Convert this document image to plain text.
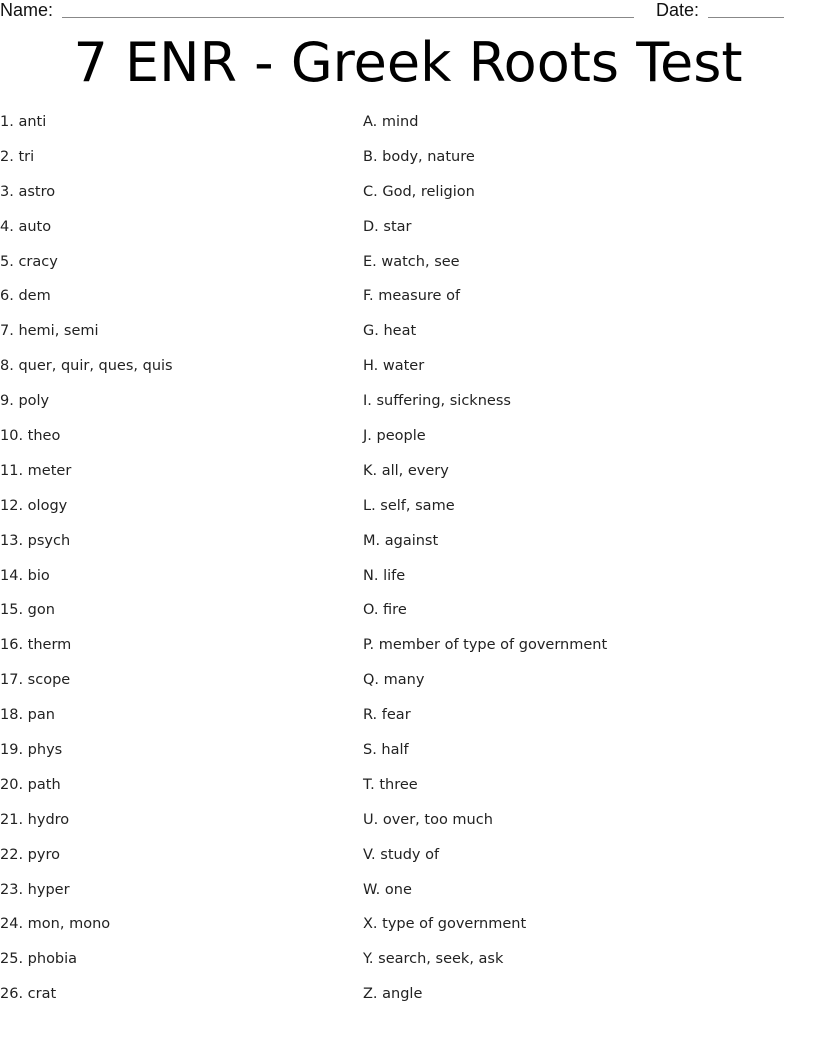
Name:	Date:
7 ENR - Greek Roots Test
1. anti
2. tri
3. astro
4. auto
5. cracy
6. dem
7. hemi, semi
8. quer, quir, ques, quis
9. poly
10. theo
11. meter
12. ology
13. psych
14. bio
15. gon
16. therm
17. scope
18. pan
19. phys
20. path
21. hydro
22. pyro
23. hyper
24. mon, mono
25. phobia
26. crat
A. mind
B. body, nature
C. God, religion
D. star
E. watch, see
F. measure of
G. heat
H. water
I. suffering, sickness
J. people
K. all, every
L. self, same
M. against
N. life
O. fire
P. member of type of government
Q. many
R. fear
S. half
T. three
U. over, too much
V. study of
W. one
X. type of government
Y. search, seek, ask
Z. angle
